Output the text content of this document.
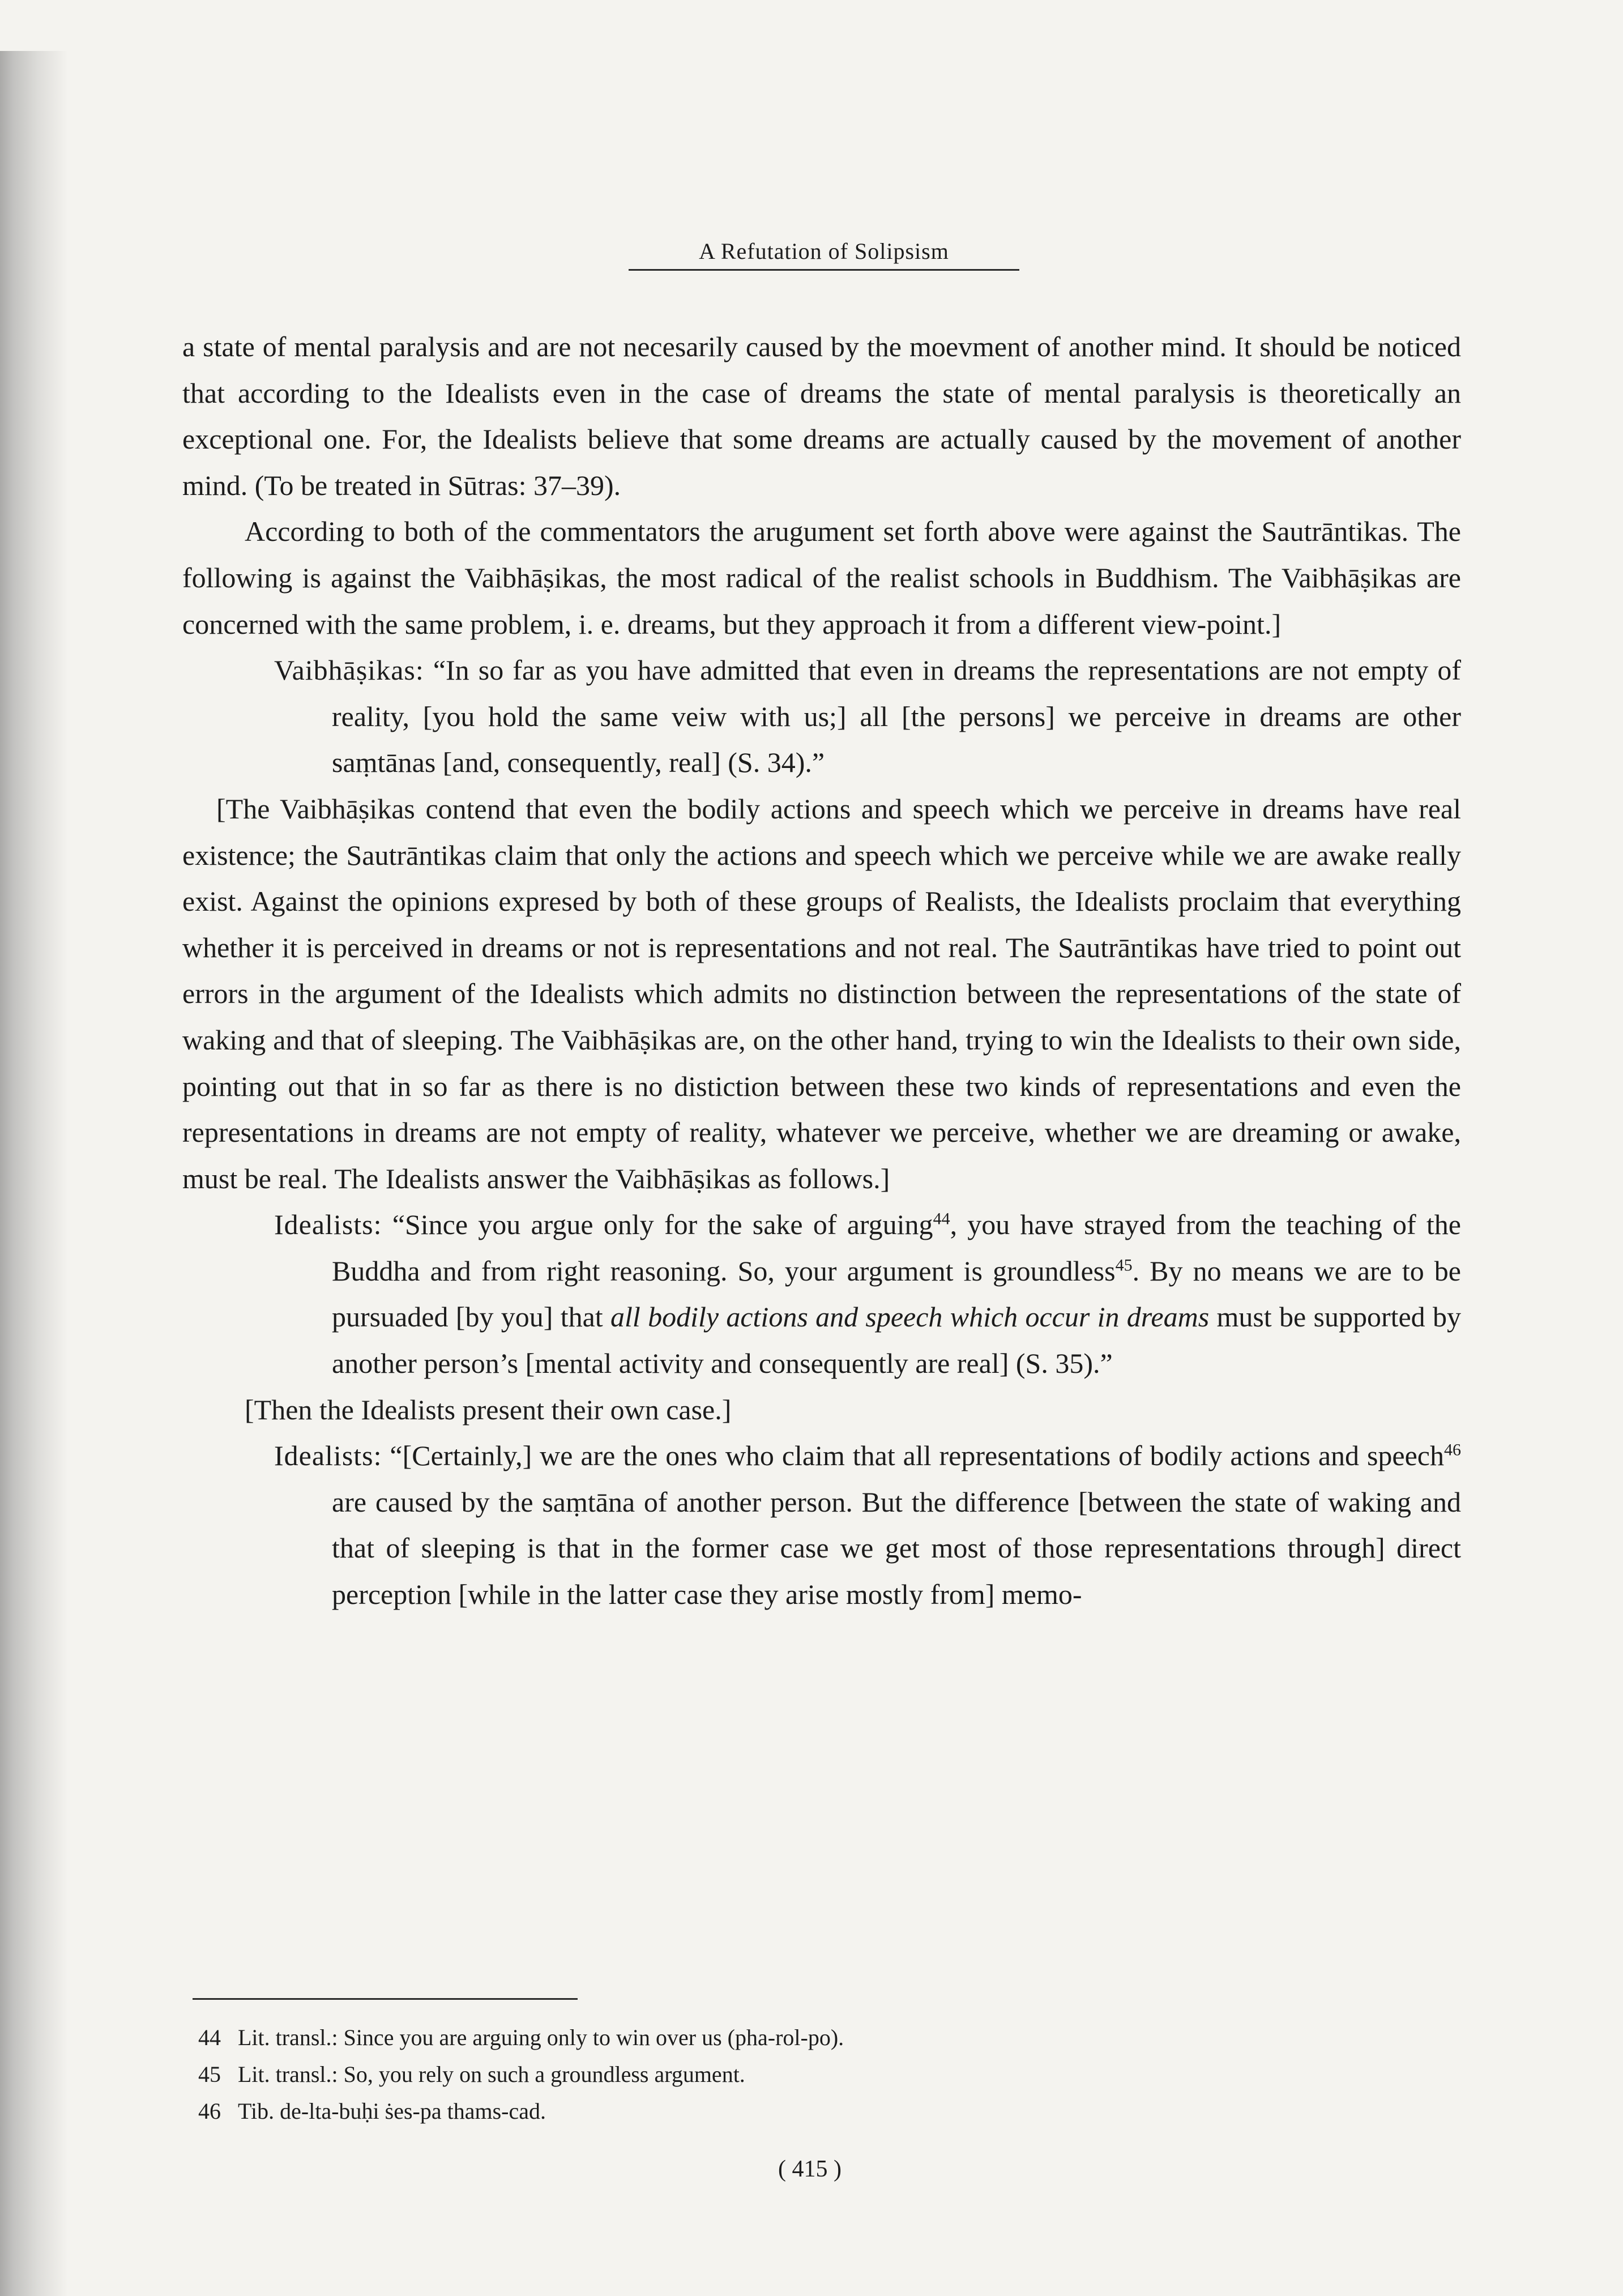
A Refutation of Solipsism

a state of mental paralysis and are not necesarily caused by the moevment of another mind. It should be noticed that according to the Idealists even in the case of dreams the state of mental paralysis is theoretically an exceptional one. For, the Idealists believe that some dreams are actually caused by the movement of another mind. (To be treated in Sūtras: 37–39).

According to both of the commentators the arugument set forth above were against the Sautrāntikas. The following is against the Vaibhāṣikas, the most radical of the realist schools in Buddhism. The Vaibhāṣikas are concerned with the same problem, i. e. dreams, but they approach it from a different view-point.]

Vaibhāṣikas: “In so far as you have admitted that even in dreams the representations are not empty of reality, [you hold the same veiw with us;] all [the persons] we perceive in dreams are other saṃtānas [and, consequently, real] (S. 34).”

[The Vaibhāṣikas contend that even the bodily actions and speech which we perceive in dreams have real existence; the Sautrāntikas claim that only the actions and speech which we perceive while we are awake really exist. Against the opinions expresed by both of these groups of Realists, the Idealists proclaim that everything whether it is perceived in dreams or not is representations and not real. The Sautrāntikas have tried to point out errors in the argument of the Idealists which admits no distinction between the representations of the state of waking and that of sleeping. The Vaibhāṣikas are, on the other hand, trying to win the Idealists to their own side, pointing out that in so far as there is no distiction between these two kinds of representations and even the representations in dreams are not empty of reality, whatever we perceive, whether we are dreaming or awake, must be real. The Idealists answer the Vaibhāṣikas as follows.]

Idealists: “Since you argue only for the sake of arguing$^{44}$, you have strayed from the teaching of the Buddha and from right reasoning. So, your argument is groundless$^{45}$. By no means we are to be pursuaded [by you] that all bodily actions and speech which occur in dreams must be supported by another person’s [mental activity and consequently are real] (S. 35).”

[Then the Idealists present their own case.]

Idealists: “[Certainly,] we are the ones who claim that all representations of bodily actions and speech$^{46}$ are caused by the saṃtāna of another person. But the difference [between the state of waking and that of sleeping is that in the former case we get most of those representations through] direct perception [while in the latter case they arise mostly from] memo-

44 Lit. transl.: Since you are arguing only to win over us (pha-rol-po).
45 Lit. transl.: So, you rely on such a groundless argument.
46 Tib. de-lta-buḥi ṡes-pa thams-cad.
( 415 )
